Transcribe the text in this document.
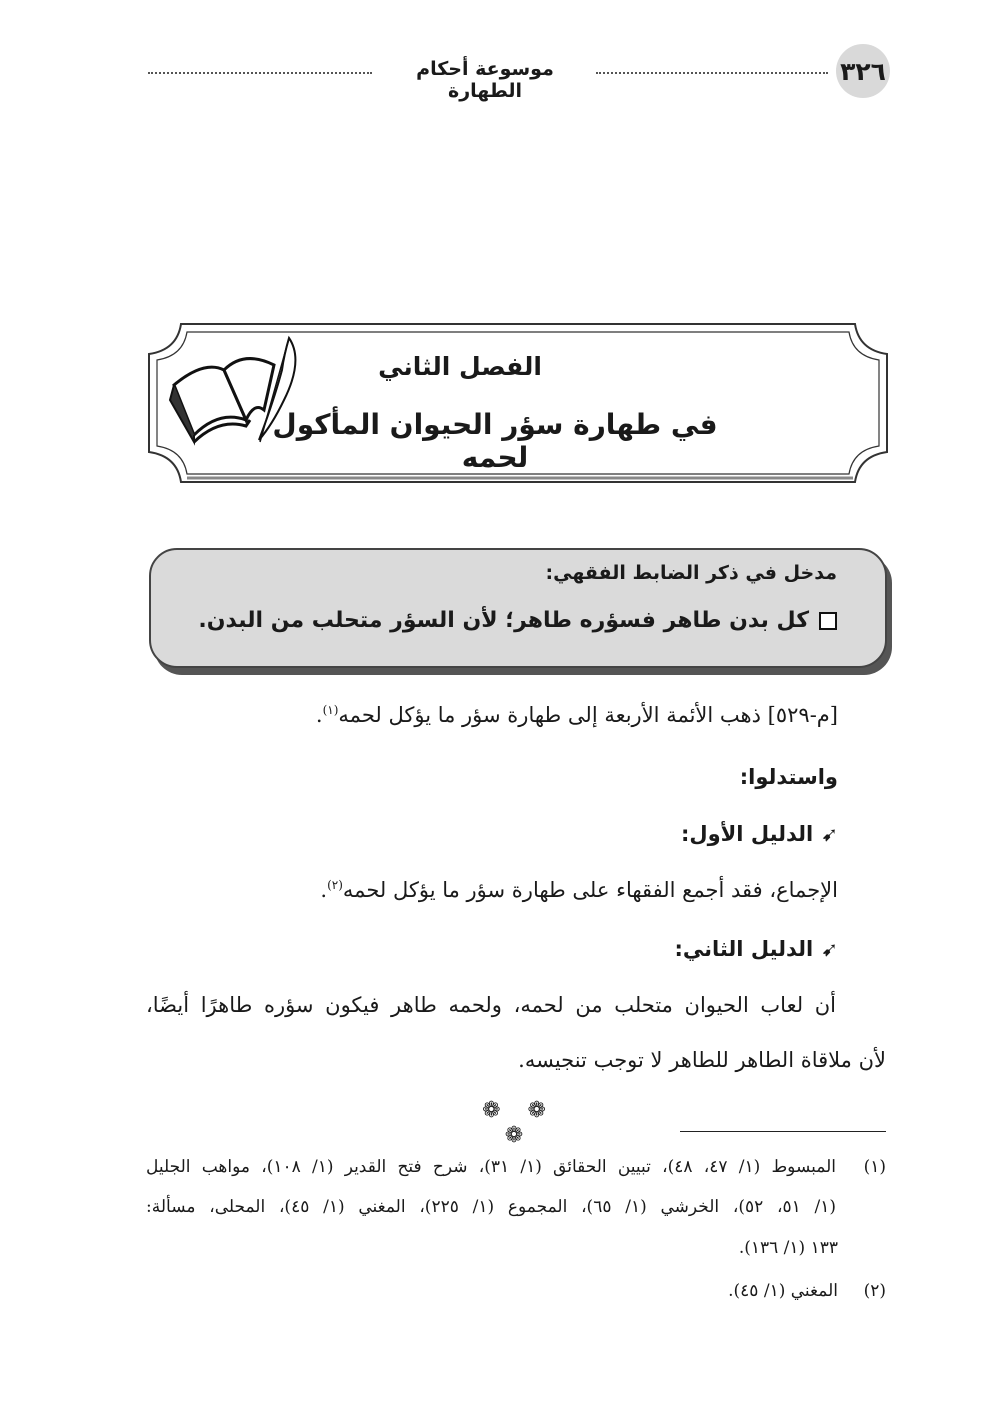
٣٢٦
موسوعة أحكام الطهارة
الفصل الثاني
في طهارة سؤر الحيوان المأكول لحمه
مدخل في ذكر الضابط الفقهي:
كل بدن طاهر فسؤره طاهر؛ لأن السؤر متحلب من البدن.
[م-٥٢٩] ذهب الأئمة الأربعة إلى طهارة سؤر ما يؤكل لحمه$^{(١)}$.
واستدلوا:
➹الدليل الأول:
الإجماع، فقد أجمع الفقهاء على طهارة سؤر ما يؤكل لحمه$^{(٢)}$.
➹الدليل الثاني:
أن لعاب الحيوان متحلب من لحمه، ولحمه طاهر فيكون سؤره طاهرًا أيضًا،
لأن ملاقاة الطاهر للطاهر لا توجب تنجيسه.
❁ ❁ ❁
(١)
المبسوط (١/ ٤٧، ٤٨)، تبيين الحقائق (١/ ٣١)، شرح فتح القدير (١/ ١٠٨)، مواهب الجليل
(١/ ٥١، ٥٢)، الخرشي (١/ ٦٥)، المجموع (١/ ٢٢٥)، المغني (١/ ٤٥)، المحلى، مسألة:
١٣٣ (١/ ١٣٦).
(٢)
المغني (١/ ٤٥).
